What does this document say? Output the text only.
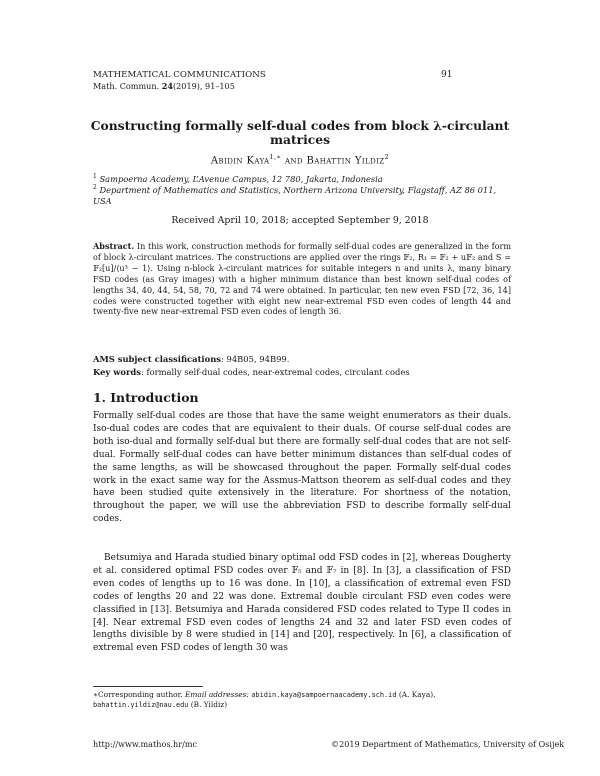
MATHEMATICAL COMMUNICATIONS	91
Math. Commun. 24(2019), 91–105
Constructing formally self-dual codes from block λ-circulant matrices
Abidin Kaya$^{1,∗}$ and Bahattin Yildiz$^2$
$^1$ Sampoerna Academy, L’Avenue Campus, 12 780, Jakarta, Indonesia
$^2$ Department of Mathematics and Statistics, Northern Arizona University, Flagstaff, AZ 86 011, USA
Received April 10, 2018; accepted September 9, 2018
Abstract. In this work, construction methods for formally self-dual codes are generalized in the form of block λ-circulant matrices. The constructions are applied over the rings 𝔽₂, R₁ = 𝔽₂ + u𝔽₂ and S = 𝔽₂[u]/⟨u³ − 1⟩. Using n-block λ-circulant matrices for suitable integers n and units λ, many binary FSD codes (as Gray images) with a higher minimum distance than best known self-dual codes of lengths 34, 40, 44, 54, 58, 70, 72 and 74 were obtained. In particular, ten new even FSD [72, 36, 14] codes were constructed together with eight new near-extremal FSD even codes of length 44 and twenty-five new near-extremal FSD even codes of length 36.
AMS subject classifications: 94B05, 94B99.
Key words: formally self-dual codes, near-extremal codes, circulant codes
1. Introduction
Formally self-dual codes are those that have the same weight enumerators as their duals. Iso-dual codes are codes that are equivalent to their duals. Of course self-dual codes are both iso-dual and formally self-dual but there are formally self-dual codes that are not self-dual. Formally self-dual codes can have better minimum distances than self-dual codes of the same lengths, as will be showcased throughout the paper. Formally self-dual codes work in the exact same way for the Assmus-Mattson theorem as self-dual codes and they have been studied quite extensively in the literature. For shortness of the notation, throughout the paper, we will use the abbreviation FSD to describe formally self-dual codes.
Betsumiya and Harada studied binary optimal odd FSD codes in [2], whereas Dougherty et al. considered optimal FSD codes over 𝔽₅ and 𝔽₇ in [8]. In [3], a classification of FSD even codes of lengths up to 16 was done. In [10], a classification of extremal even FSD codes of lengths 20 and 22 was done. Extremal double circulant FSD even codes were classified in [13]. Betsumiya and Harada considered FSD codes related to Type II codes in [4]. Near extremal FSD even codes of lengths 24 and 32 and later FSD even codes of lengths divisible by 8 were studied in [14] and [20], respectively. In [6], a classification of extremal even FSD codes of length 30 was
∗Corresponding author. Email addresses: abidin.kaya@sampoernaacademy.sch.id (A. Kaya), bahattin.yildiz@nau.edu (B. Yildiz)
http://www.mathos.hr/mc	©2019 Department of Mathematics, University of Osijek
